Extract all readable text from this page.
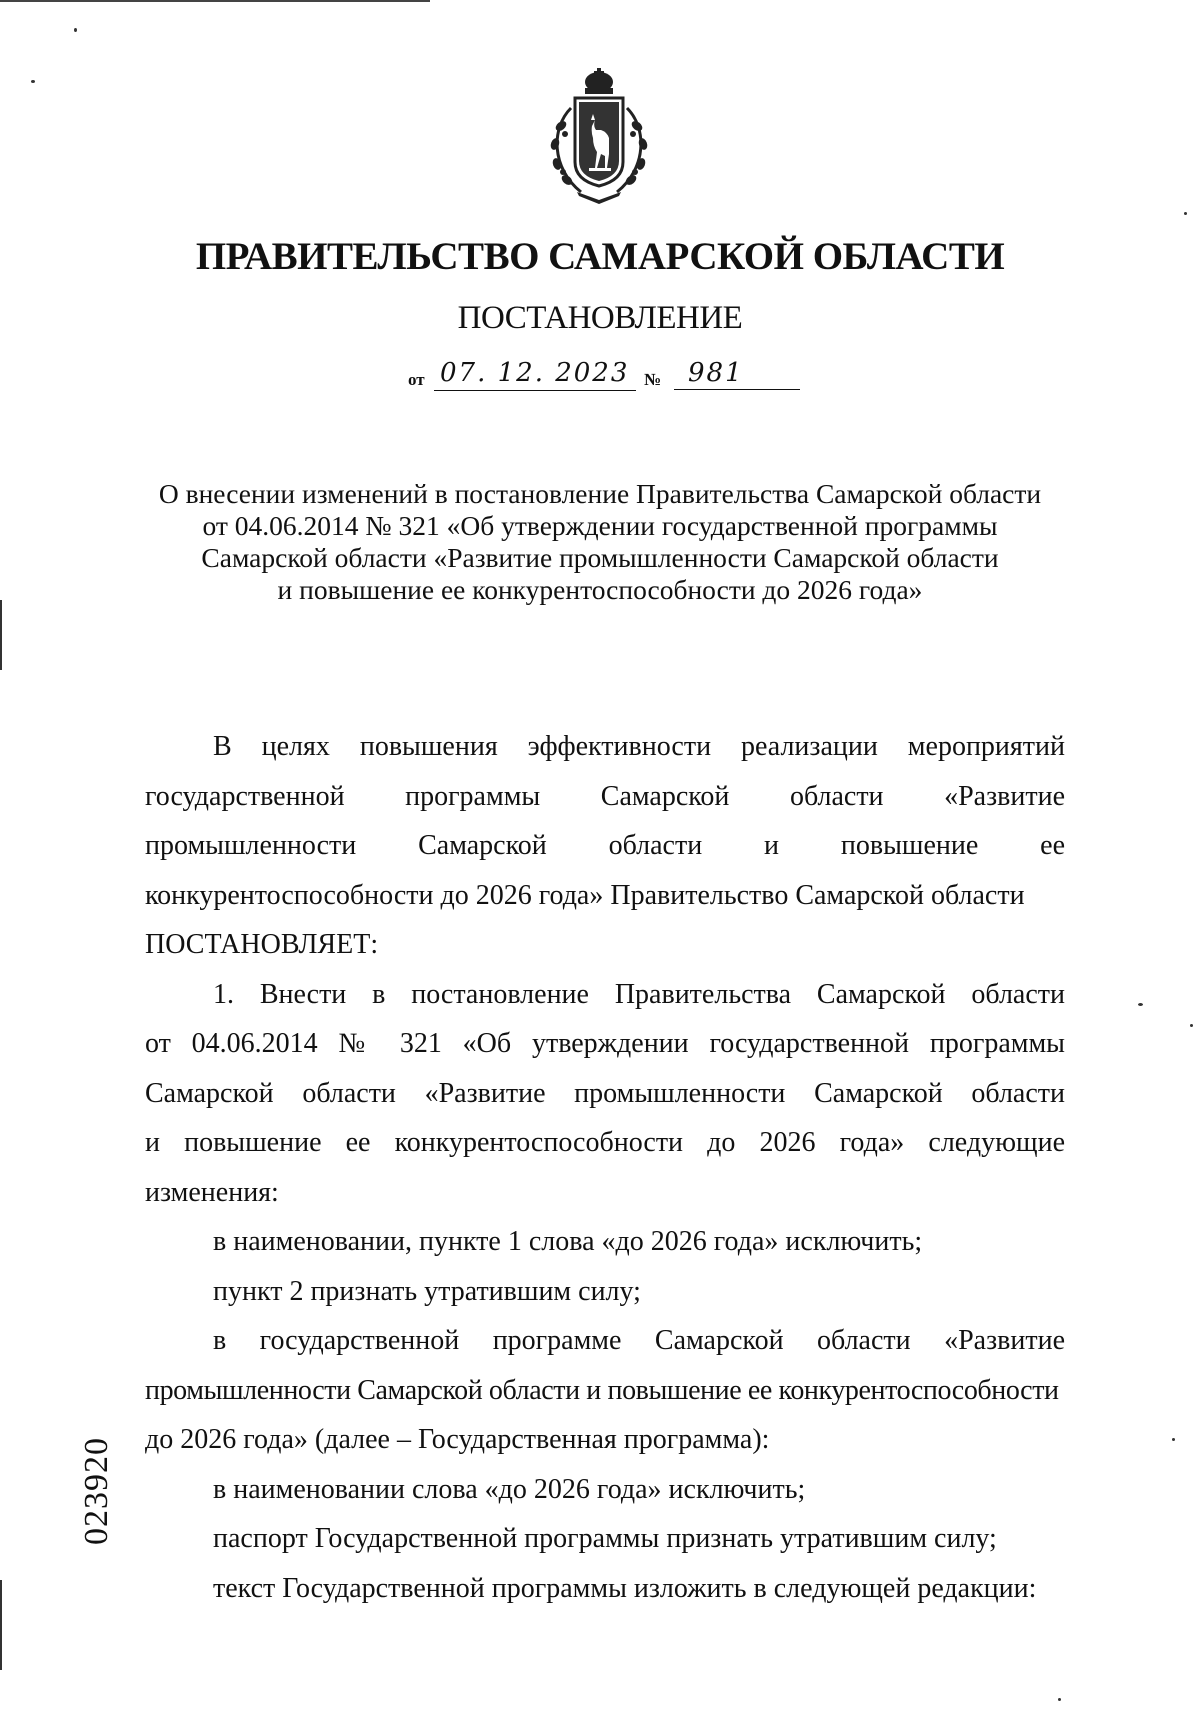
ПРАВИТЕЛЬСТВО САМАРСКОЙ ОБЛАСТИ
ПОСТАНОВЛЕНИЕ
от 07. 12. 2023 №	981
О внесении изменений в постановление Правительства Самарской области
от 04.06.2014 № 321 «Об утверждении государственной программы
Самарской области «Развитие промышленности Самарской области
и повышение ее конкурентоспособности до 2026 года»
В целях повышения эффективности реализации мероприятий
государственной программы Самарской области «Развитие
промышленности Самарской области и повышение ее
конкурентоспособности до 2026 года» Правительство Самарской области
ПОСТАНОВЛЯЕТ:
1. Внести в постановление Правительства Самарской области
от 04.06.2014 № 321 «Об утверждении государственной программы
Самарской области «Развитие промышленности Самарской области
и повышение ее конкурентоспособности до 2026 года» следующие
изменения:
в наименовании, пункте 1 слова «до 2026 года» исключить;
пункт 2 признать утратившим силу;
в государственной программе Самарской области «Развитие
промышленности Самарской области и повышение ее конкурентоспособности
до 2026 года» (далее – Государственная программа):
в наименовании слова «до 2026 года» исключить;
паспорт Государственной программы признать утратившим силу;
текст Государственной программы изложить в следующей редакции:
023920
